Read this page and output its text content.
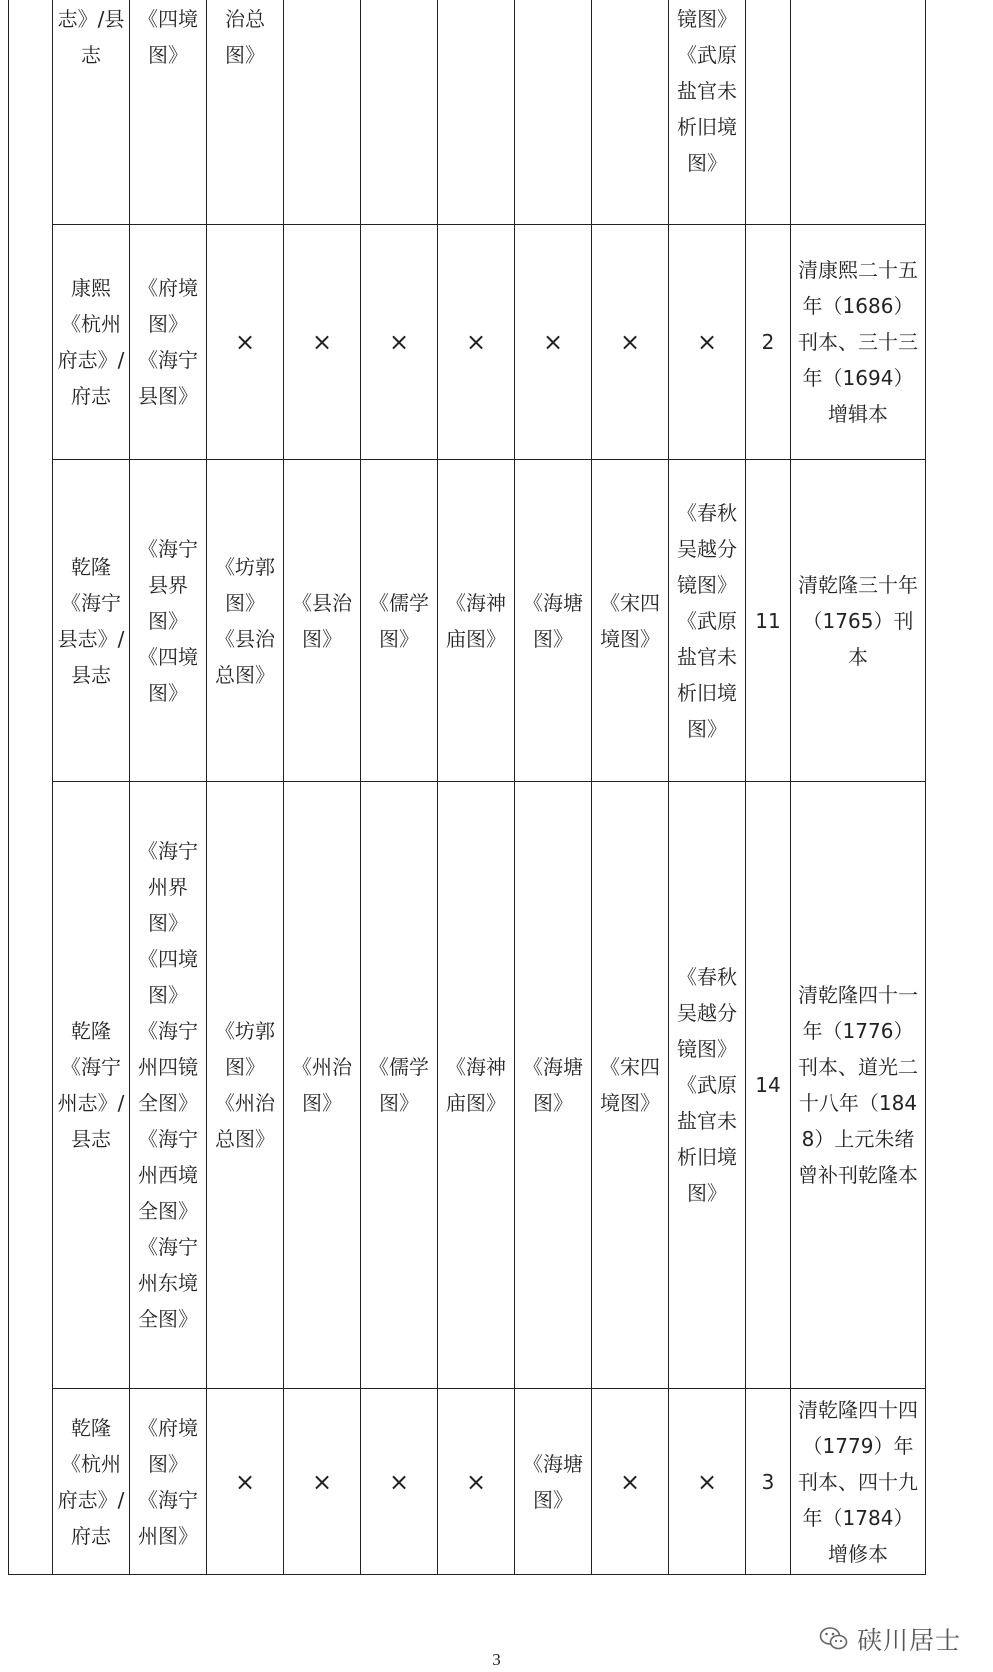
志》/县志
《四境图》
治总图》
镜图》《武原盐官未析旧境图》
康熙《杭州府志》/府志
《府境图》《海宁县图》
× × × × × × × 2
清康熙二十五年（1686）刊本、三十三年（1694）增辑本
乾隆《海宁县志》/县志
《海宁县界图》《四境图》
《坊郭图》《县治总图》
《县治图》
《儒学图》
《海神庙图》
《海塘图》
《宋四境图》
《春秋吴越分镜图》《武原盐官未析旧境图》
11
清乾隆三十年（1765）刊本
乾隆《海宁州志》/县志
《海宁州界图》《四境图》《海宁州四镜全图》《海宁州西境全图》《海宁州东境全图》
《坊郭图》《州治总图》
《州治图》
《儒学图》
《海神庙图》
《海塘图》
《宋四境图》
《春秋吴越分镜图》《武原盐官未析旧境图》
14
清乾隆四十一年（1776）刊本、道光二十八年（1848）上元朱绪曾补刊乾隆本
乾隆《杭州府志》/府志
《府境图》《海宁州图》
× × × ×
《海塘图》
× × 3
清乾隆四十四（1779）年刊本、四十九年（1784）增修本
3
硖川居士
